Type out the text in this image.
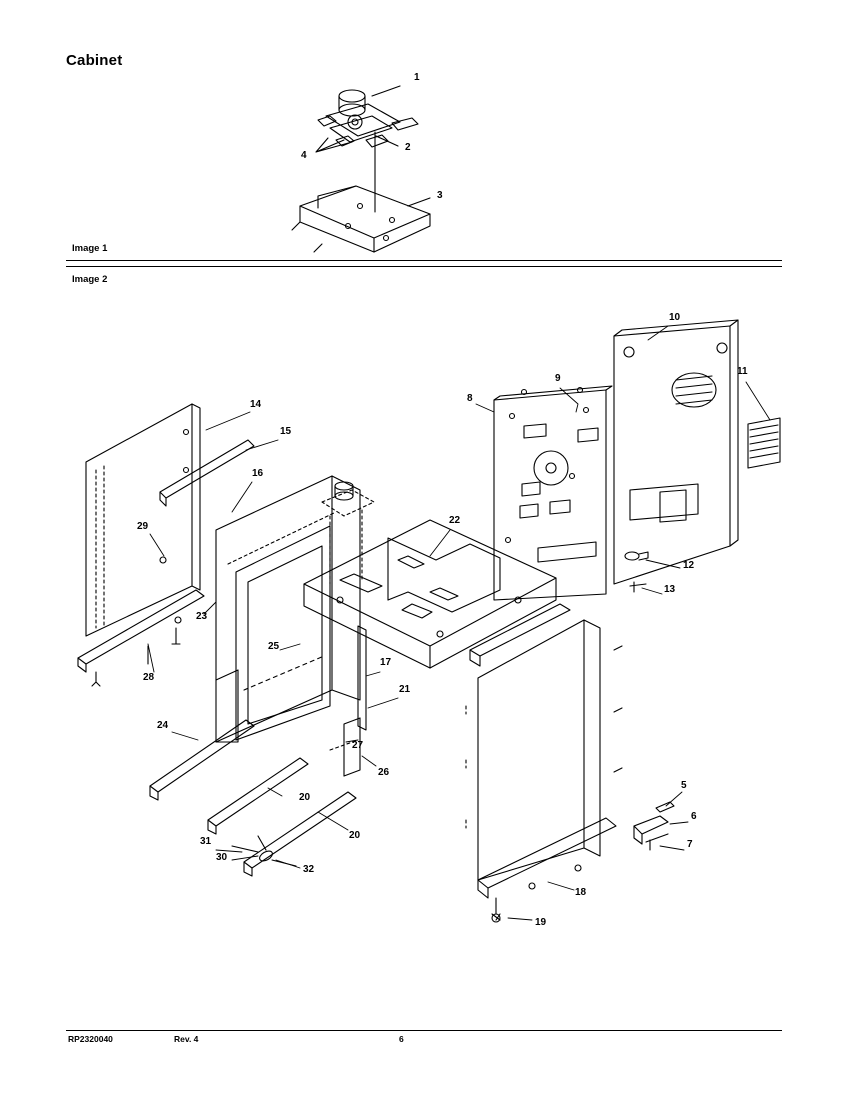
Cabinet
Image 1
Image 2
1
2
3
4
5
6
7
8
9
10
11
12
13
14
15
16
17
18
19
20
20
21
22
23
24
25
26
27
28
29
30
31
32
RP2320040	Rev. 4	6
